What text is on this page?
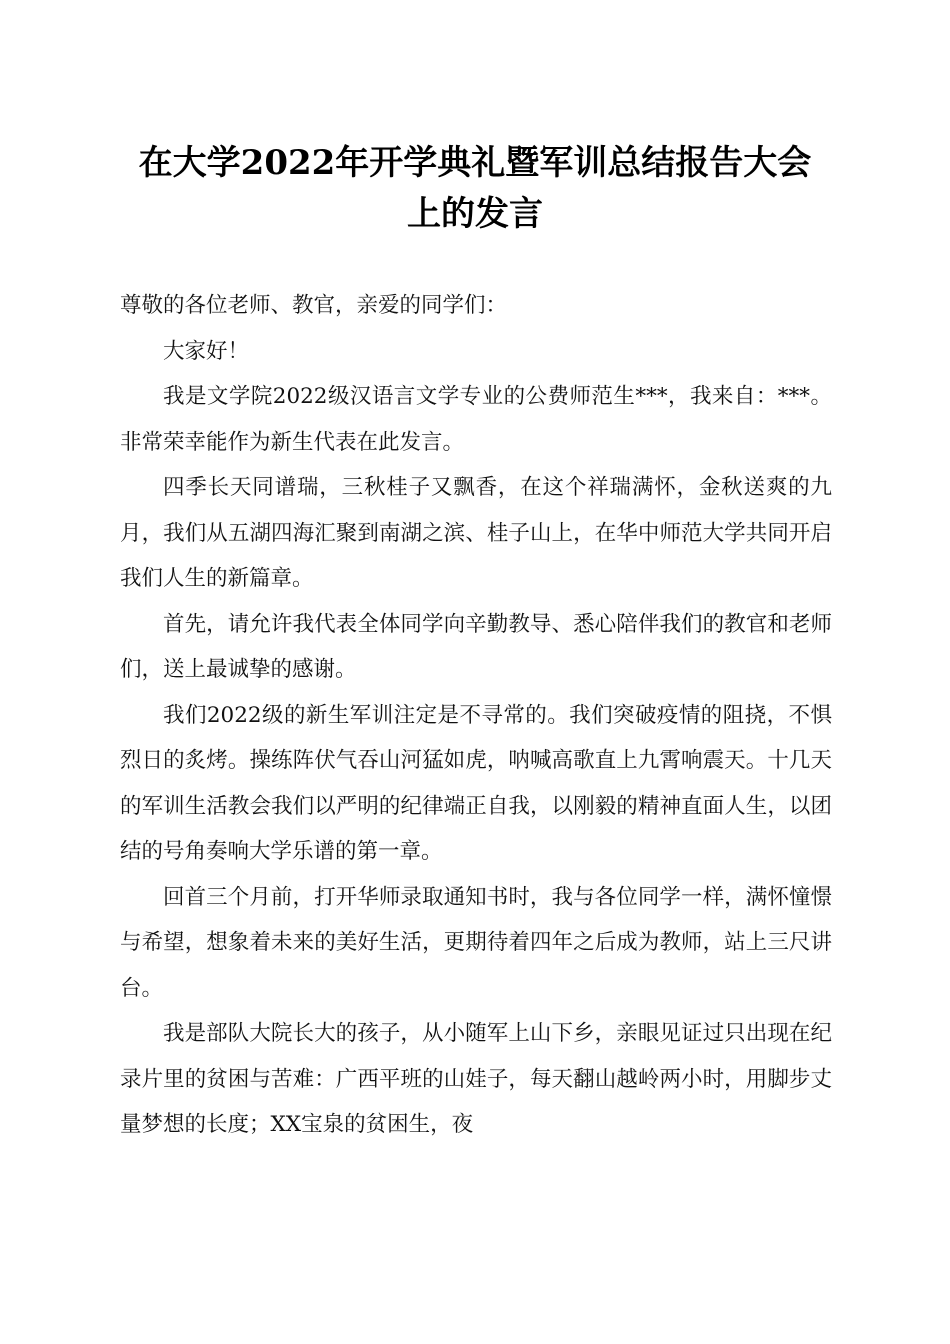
在大学2022年开学典礼暨军训总结报告大会
上的发言

尊敬的各位老师、教官，亲爱的同学们：

大家好！

我是文学院2022级汉语言文学专业的公费师范生***，我来自：***。非常荣幸能作为新生代表在此发言。

四季长天同谱瑞，三秋桂子又飘香，在这个祥瑞满怀，金秋送爽的九月，我们从五湖四海汇聚到南湖之滨、桂子山上，在华中师范大学共同开启我们人生的新篇章。

首先，请允许我代表全体同学向辛勤教导、悉心陪伴我们的教官和老师们，送上最诚挚的感谢。

我们2022级的新生军训注定是不寻常的。我们突破疫情的阻挠，不惧烈日的炙烤。操练阵伏气吞山河猛如虎，呐喊高歌直上九霄响震天。十几天的军训生活教会我们以严明的纪律端正自我，以刚毅的精神直面人生，以团结的号角奏响大学乐谱的第一章。

回首三个月前，打开华师录取通知书时，我与各位同学一样，满怀憧憬与希望，想象着未来的美好生活，更期待着四年之后成为教师，站上三尺讲台。

我是部队大院长大的孩子，从小随军上山下乡，亲眼见证过只出现在纪录片里的贫困与苦难：广西平班的山娃子，每天翻山越岭两小时，用脚步丈量梦想的长度；XX宝泉的贫困生，夜
